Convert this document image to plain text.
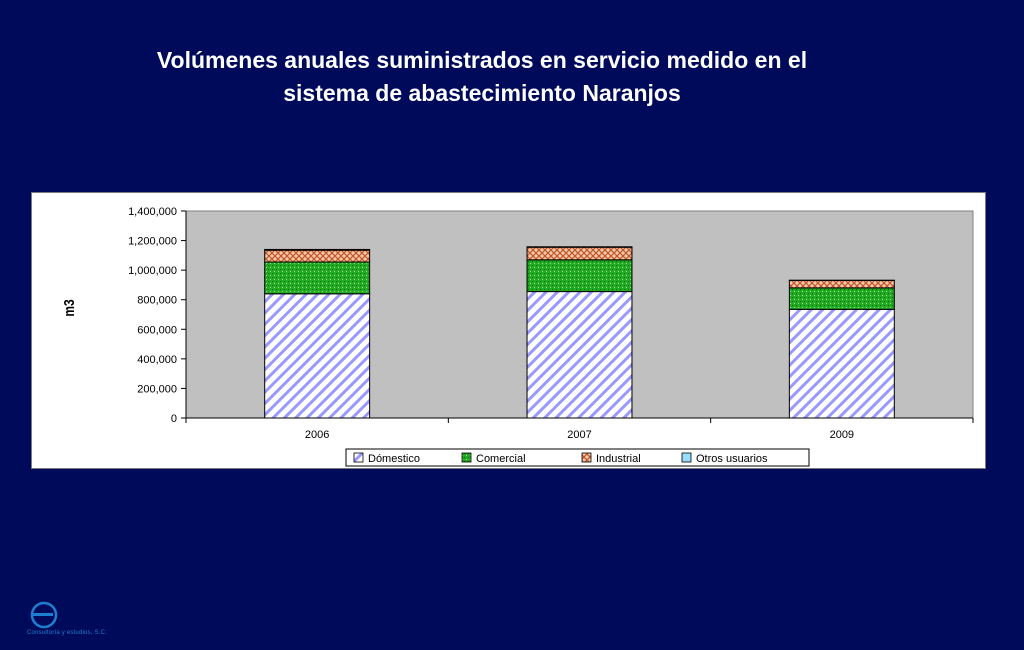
Volúmenes anuales suministrados en servicio medido en el
sistema de abastecimiento Naranjos
0
200,000
400,000
600,000
800,000
1,000,000
1,200,000
1,400,000
2006	2007	2009
Dómestico	Comercial	Industrial	Otros usuarios
m3
Consultoría y estudios, S.C.
